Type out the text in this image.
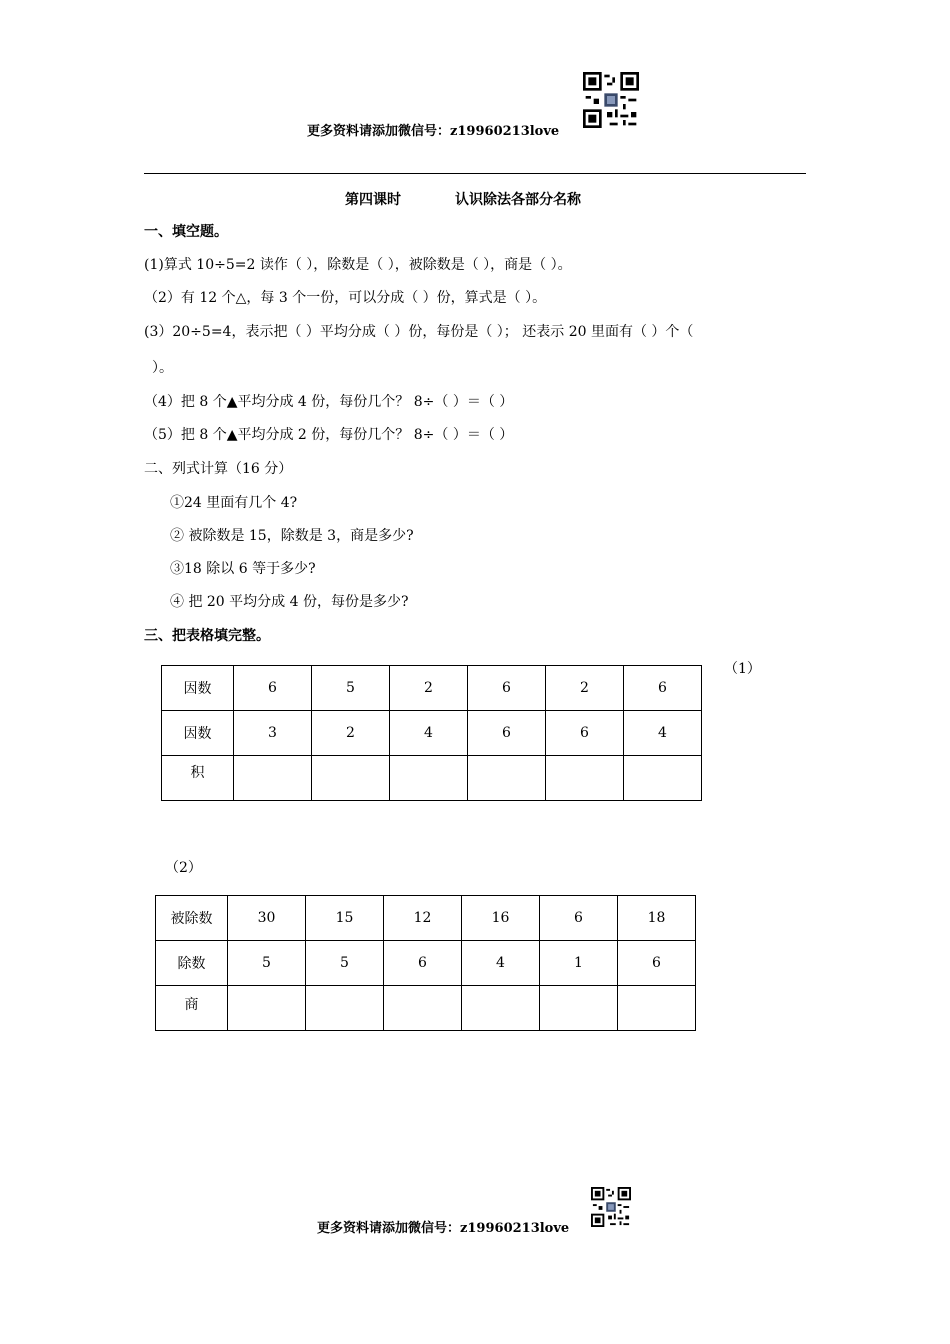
更多资料请添加微信号：z19960213love
第四课时	认识除法各部分名称
一、填空题。
(1)算式 10÷5=2 读作（ ），除数是（ ），被除数是（ ），商是（ ）。
（2）有 12 个△，每 3 个一份，可以分成（ ）份，算式是（ ）。
(3）20÷5=4，表示把（ ）平均分成（ ）份，每份是（ ）； 还表示 20 里面有（ ）个（
）。
（4）把 8 个▲平均分成 4 份，每份几个？ 8÷（ ）＝（ ）
（5）把 8 个▲平均分成 2 份，每份几个？ 8÷（ ）＝（ ）
二、列式计算（16 分）
①24 里面有几个 4?
② 被除数是 15，除数是 3，商是多少?
③18 除以 6 等于多少?
④ 把 20 平均分成 4 份，每份是多少?
三、把表格填完整。
（1）
因数	6	5	2	6	2	6
因数	3	2	4	6	6	4
积						
（2）
被除数	30	15	12	16	6	18
除数	5	5	6	4	1	6
商						
更多资料请添加微信号：z19960213love
